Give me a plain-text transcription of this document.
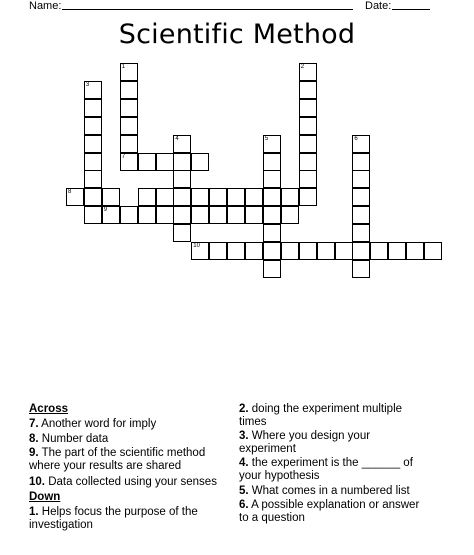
Name:	Date:
Scientific Method
1
3
2
7
4	5	6
8
9
10
Across
7. Another word for imply
8. Number data
9. The part of the scientific method
where your results are shared
10. Data collected using your senses
Down
1. Helps focus the purpose of the
investigation
2. doing the experiment multiple
times
3. Where you design your
experiment
4. the experiment is the ______ of
your hypothesis
5. What comes in a numbered list
6. A possible explanation or answer
to a question
